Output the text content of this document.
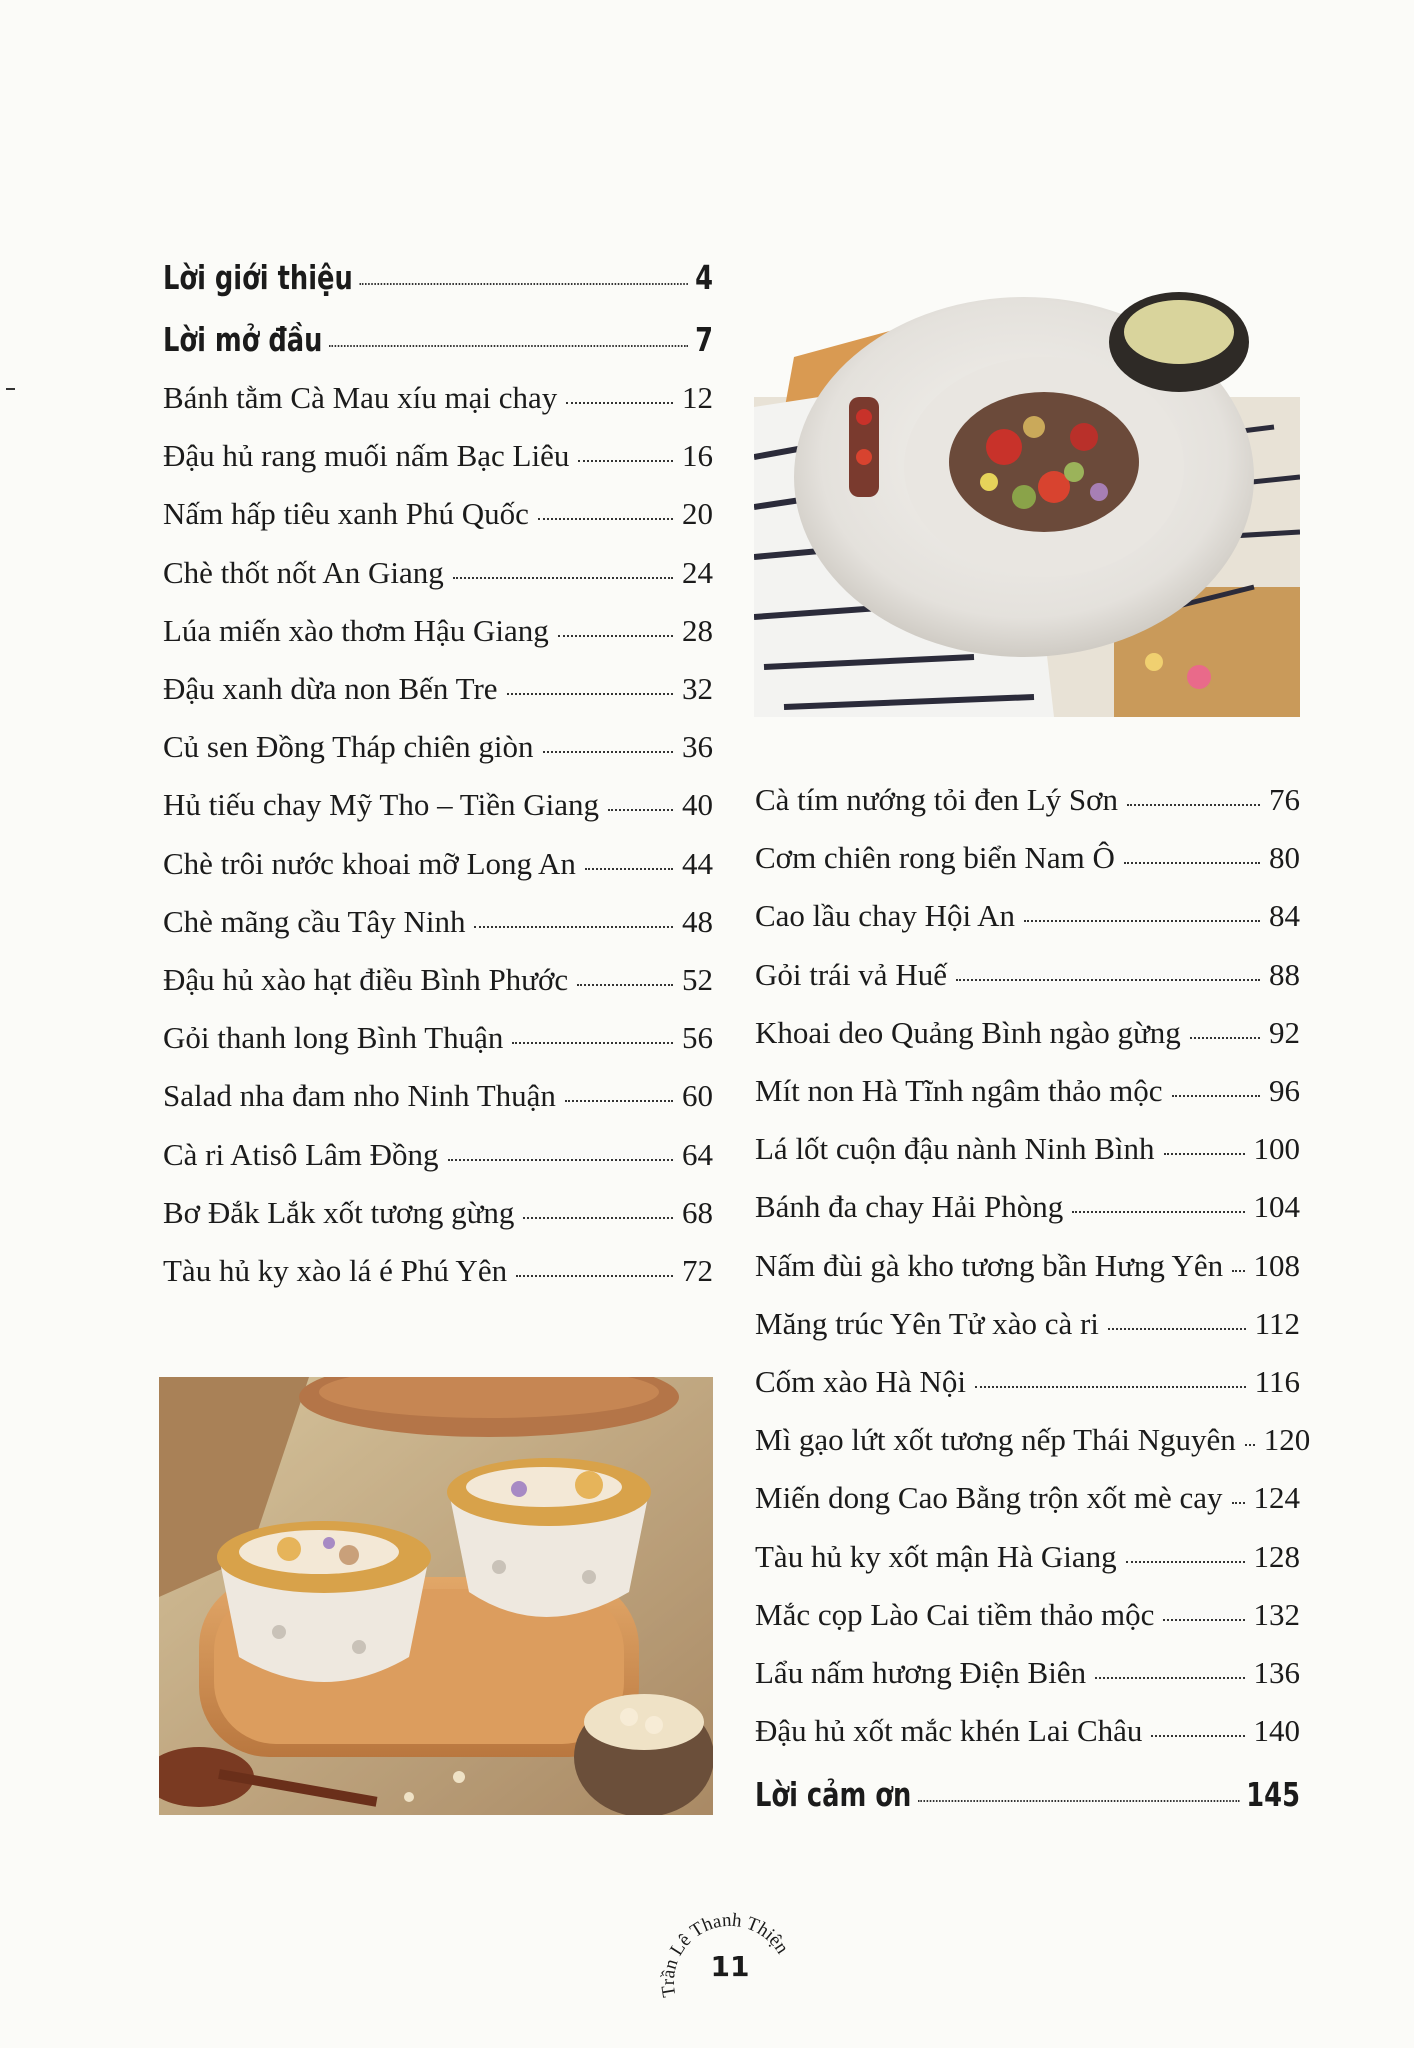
Lời giới thiệu	4
Lời mở đầu	7
Bánh tằm Cà Mau xíu mại chay	12
Đậu hủ rang muối nấm Bạc Liêu	16
Nấm hấp tiêu xanh Phú Quốc	20
Chè thốt nốt An Giang	24
Lúa miến xào thơm Hậu Giang	28
Đậu xanh dừa non Bến Tre	32
Củ sen Đồng Tháp chiên giòn	36
Hủ tiếu chay Mỹ Tho – Tiền Giang	40
Chè trôi nước khoai mỡ Long An	44
Chè mãng cầu Tây Ninh	48
Đậu hủ xào hạt điều Bình Phước	52
Gỏi thanh long Bình Thuận	56
Salad nha đam nho Ninh Thuận	60
Cà ri Atisô Lâm Đồng	64
Bơ Đắk Lắk xốt tương gừng	68
Tàu hủ ky xào lá é Phú Yên	72
Cà tím nướng tỏi đen Lý Sơn	76
Cơm chiên rong biển Nam Ô	80
Cao lầu chay Hội An	84
Gỏi trái vả Huế	88
Khoai deo Quảng Bình ngào gừng	92
Mít non Hà Tĩnh ngâm thảo mộc	96
Lá lốt cuộn đậu nành Ninh Bình	100
Bánh đa chay Hải Phòng	104
Nấm đùi gà kho tương bần Hưng Yên 108
Măng trúc Yên Tử xào cà ri	112
Cốm xào Hà Nội	116
Mì gạo lứt xốt tương nếp Thái Nguyên 120
Miến dong Cao Bằng trộn xốt mè cay 124
Tàu hủ ky xốt mận Hà Giang	128
Mắc cọp Lào Cai tiềm thảo mộc	132
Lẩu nấm hương Điện Biên	136
Đậu hủ xốt mắc khén Lai Châu	140
Lời cảm ơn	145
Trần Lê Thanh Thiện
11
